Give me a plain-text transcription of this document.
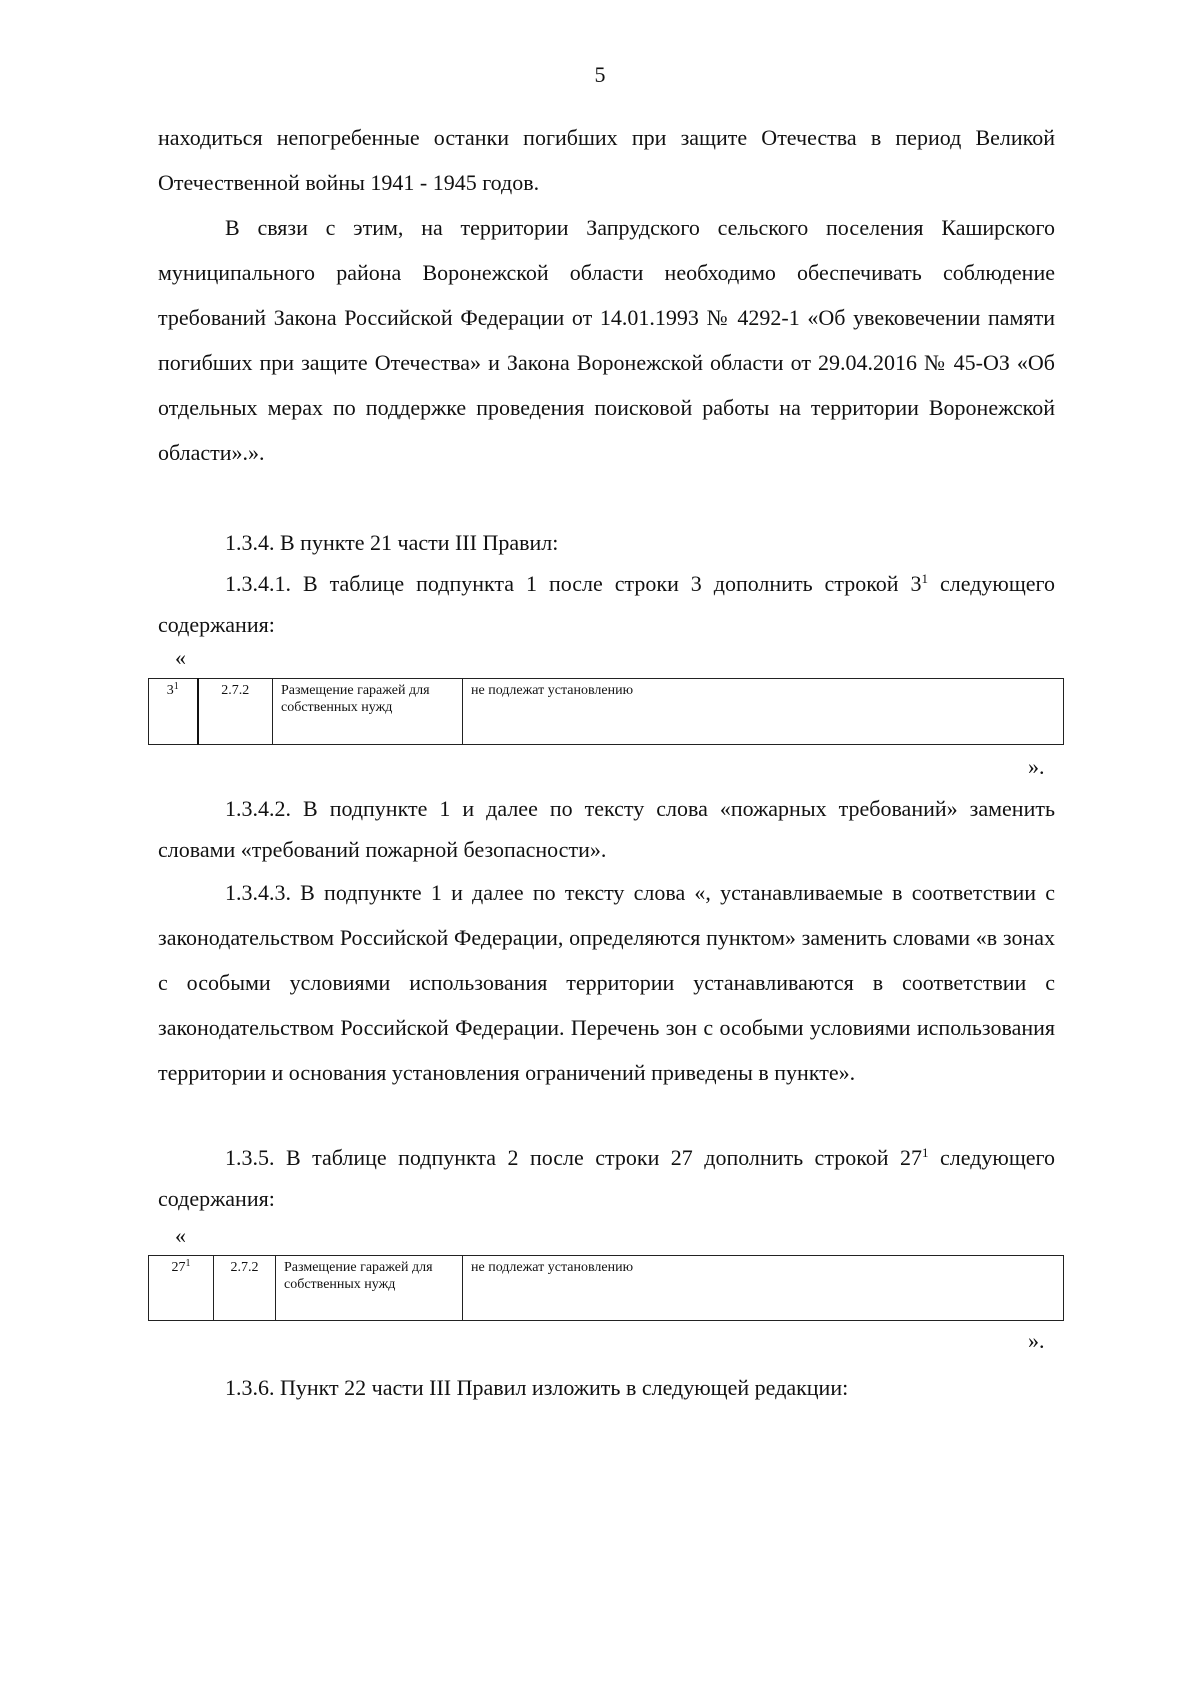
5
находиться непогребенные останки погибших при защите Отечества в период Великой Отечественной войны 1941 - 1945 годов.
В связи с этим, на территории Запрудского сельского поселения Каширского муниципального района Воронежской области необходимо обеспечивать соблюдение требований Закона Российской Федерации от 14.01.1993 № 4292-1 «Об увековечении памяти погибших при защите Отечества» и Закона Воронежской области от 29.04.2016 № 45-ОЗ «Об отдельных мерах по поддержке проведения поисковой работы на территории Воронежской области».».
1.3.4. В пункте 21 части III Правил:
1.3.4.1. В таблице подпункта 1 после строки 3 дополнить строкой $3^1$ следующего содержания:
«
$3^1$	2.7.2	Размещение гаражей для собственных нужд	не подлежат установлению
».
1.3.4.2. В подпункте 1 и далее по тексту слова «пожарных требований» заменить словами «требований пожарной безопасности».
1.3.4.3. В подпункте 1 и далее по тексту слова «, устанавливаемые в соответствии с законодательством Российской Федерации, определяются пунктом» заменить словами «в зонах с особыми условиями использования территории устанавливаются в соответствии с законодательством Российской Федерации. Перечень зон с особыми условиями использования территории и основания установления ограничений приведены в пункте».
1.3.5. В таблице подпункта 2 после строки 27 дополнить строкой $27^1$ следующего содержания:
«
$27^1$	2.7.2	Размещение гаражей для собственных нужд	не подлежат установлению
».
1.3.6. Пункт 22 части III Правил изложить в следующей редакции:
